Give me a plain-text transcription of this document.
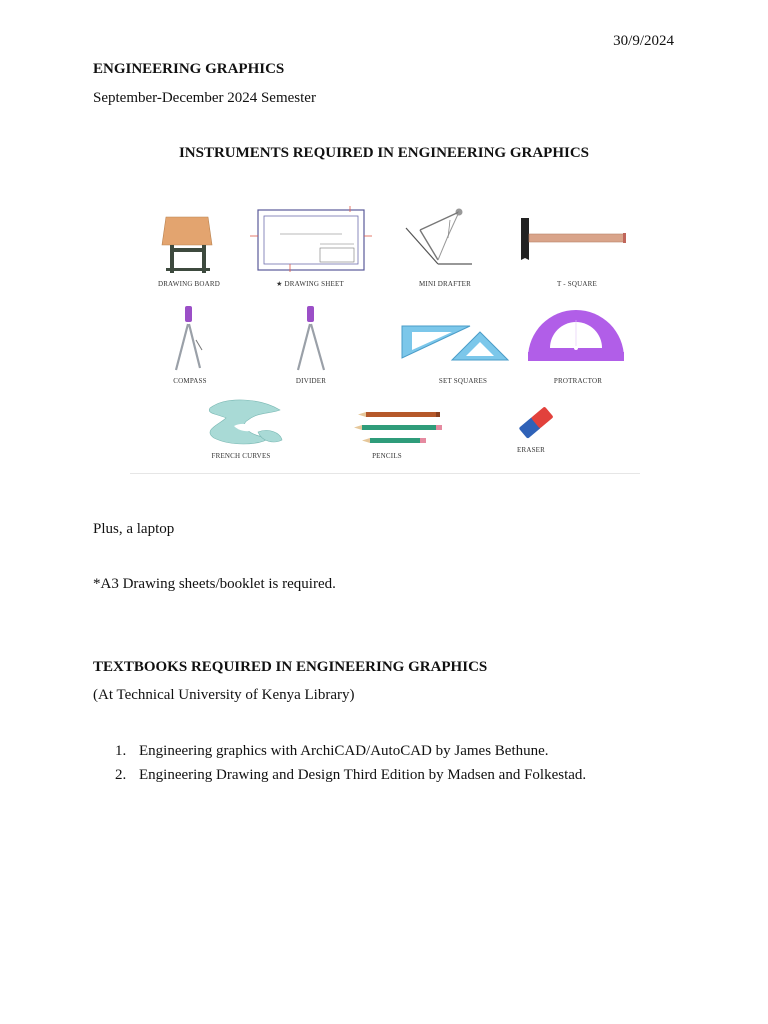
30/9/2024
ENGINEERING GRAPHICS
September-December 2024 Semester
INSTRUMENTS REQUIRED IN ENGINEERING GRAPHICS
DRAWING BOARD	★ DRAWING SHEET	MINI DRAFTER	T - SQUARE
COMPASS	DIVIDER	SET SQUARES	PROTRACTOR
FRENCH CURVES	PENCILS
ERASER
Plus, a laptop
*A3 Drawing sheets/booklet is required.
TEXTBOOKS REQUIRED IN ENGINEERING GRAPHICS
(At Technical University of Kenya Library)
1. Engineering graphics with ArchiCAD/AutoCAD by James Bethune.
2. Engineering Drawing and Design Third Edition by Madsen and Folkestad.
